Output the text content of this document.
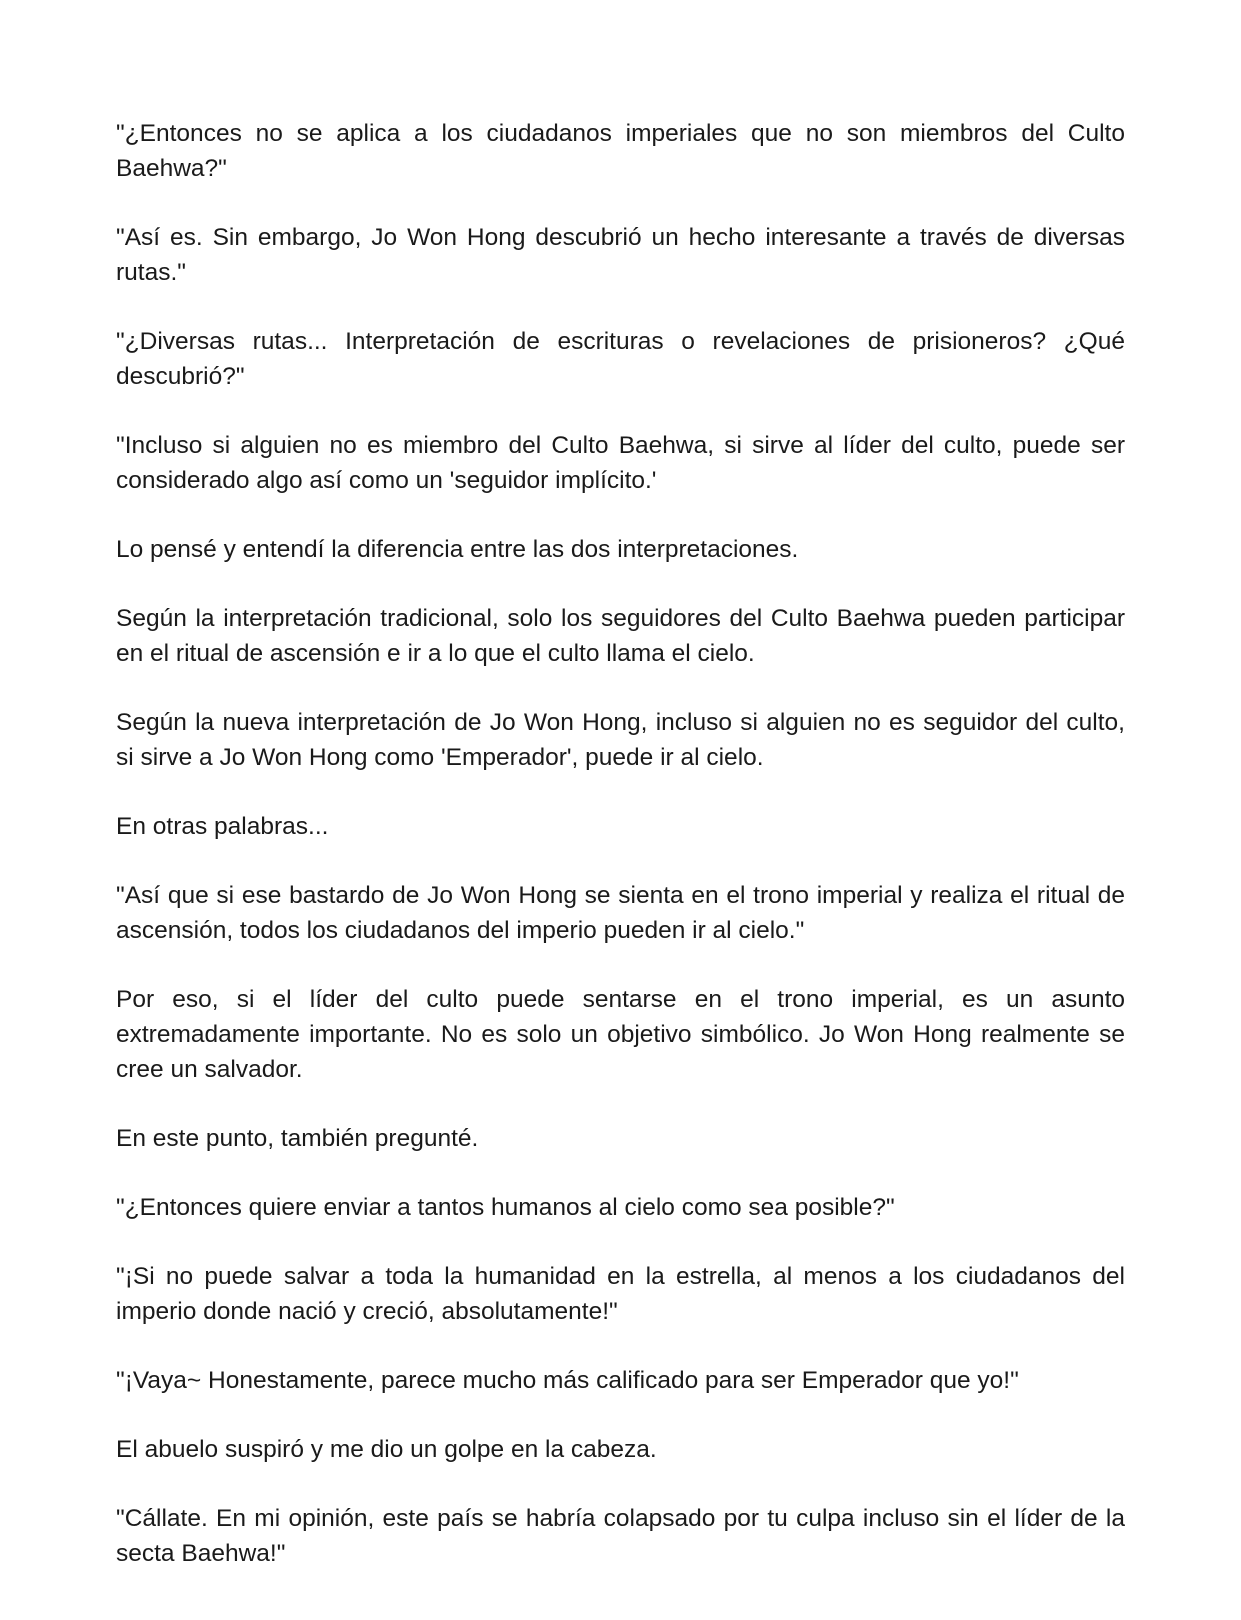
"¿Entonces no se aplica a los ciudadanos imperiales que no son miembros del Culto Baehwa?"

"Así es. Sin embargo, Jo Won Hong descubrió un hecho interesante a través de diversas rutas."

"¿Diversas rutas... Interpretación de escrituras o revelaciones de prisioneros? ¿Qué descubrió?"

"Incluso si alguien no es miembro del Culto Baehwa, si sirve al líder del culto, puede ser considerado algo así como un 'seguidor implícito.'

Lo pensé y entendí la diferencia entre las dos interpretaciones.

Según la interpretación tradicional, solo los seguidores del Culto Baehwa pueden participar en el ritual de ascensión e ir a lo que el culto llama el cielo.

Según la nueva interpretación de Jo Won Hong, incluso si alguien no es seguidor del culto, si sirve a Jo Won Hong como 'Emperador', puede ir al cielo.

En otras palabras...

"Así que si ese bastardo de Jo Won Hong se sienta en el trono imperial y realiza el ritual de ascensión, todos los ciudadanos del imperio pueden ir al cielo."

Por eso, si el líder del culto puede sentarse en el trono imperial, es un asunto extremadamente importante. No es solo un objetivo simbólico. Jo Won Hong realmente se cree un salvador.

En este punto, también pregunté.

"¿Entonces quiere enviar a tantos humanos al cielo como sea posible?"

"¡Si no puede salvar a toda la humanidad en la estrella, al menos a los ciudadanos del imperio donde nació y creció, absolutamente!"

"¡Vaya~ Honestamente, parece mucho más calificado para ser Emperador que yo!"

El abuelo suspiró y me dio un golpe en la cabeza.

"Cállate. En mi opinión, este país se habría colapsado por tu culpa incluso sin el líder de la secta Baehwa!"
